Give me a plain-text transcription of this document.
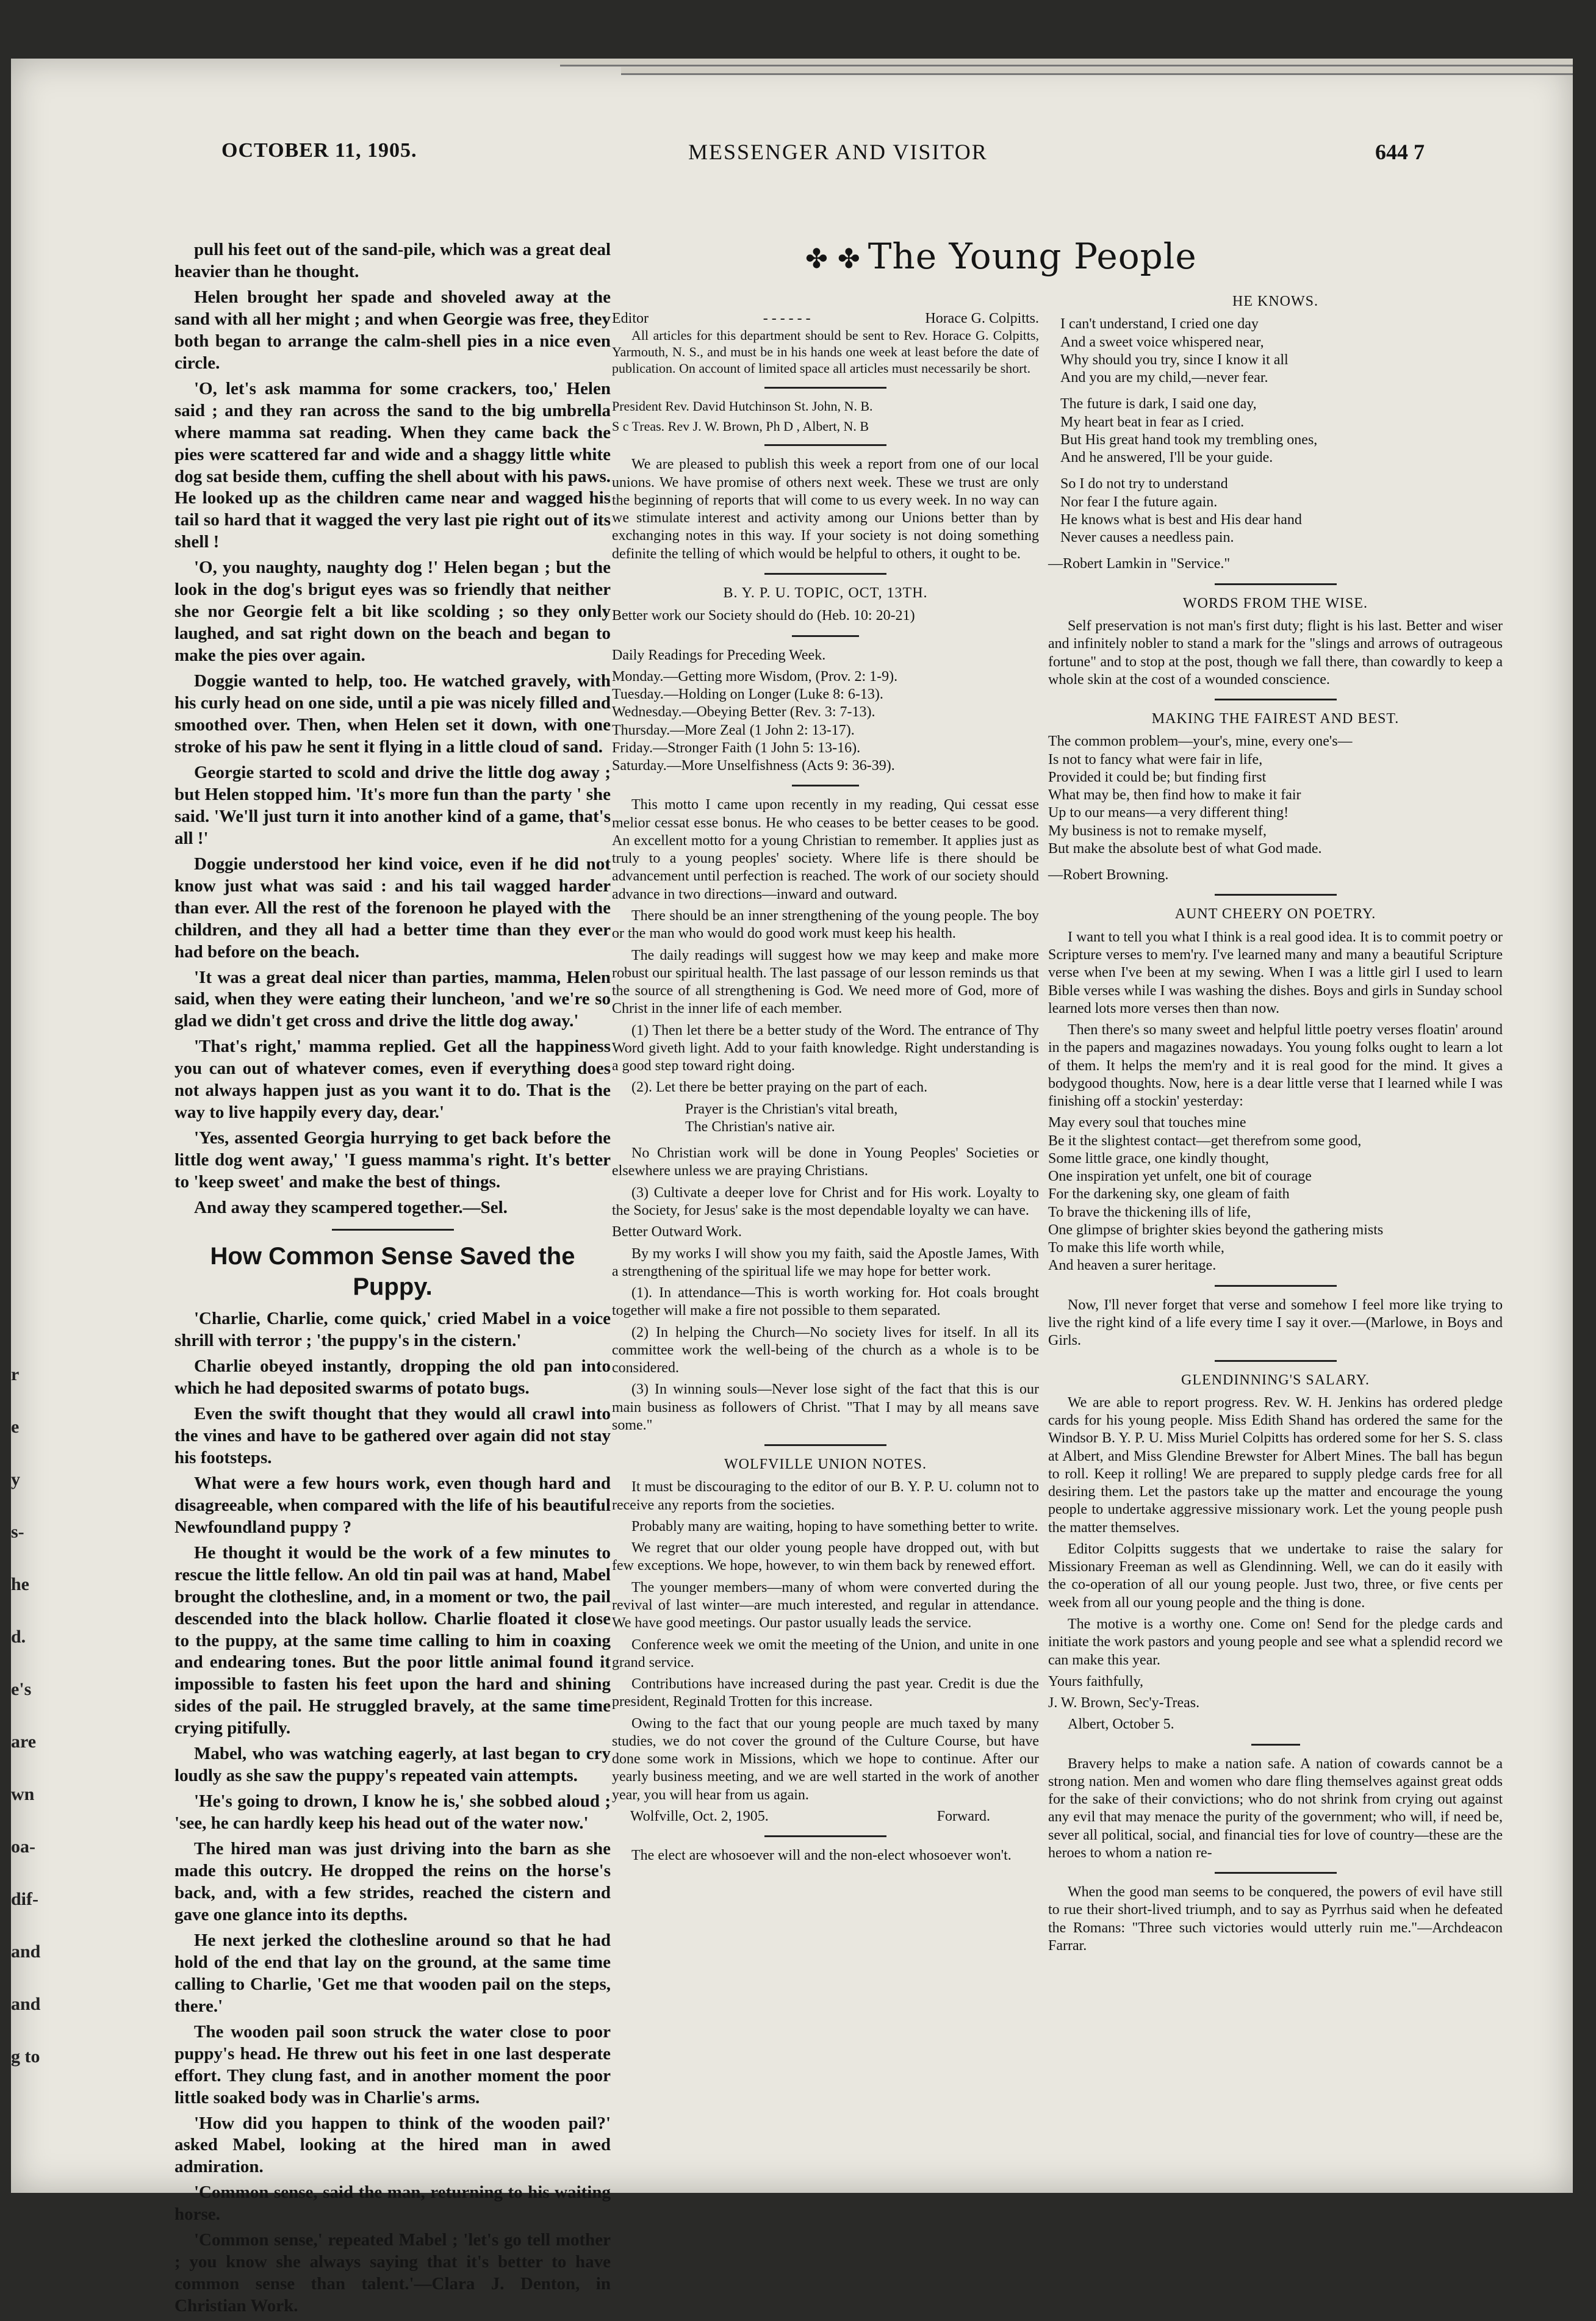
r
e
y
s-
he
d.
e's
are
wn
oa-
dif-
and
and
g to
OCTOBER 11, 1905.	MESSENGER AND VISITOR	644 7

pull his feet out of the sand-pile, which was a great deal heavier than he thought.

Helen brought her spade and shoveled away at the sand with all her might ; and when Georgie was free, they both began to arrange the calm-shell pies in a nice even circle.

'O, let's ask mamma for some crackers, too,' Helen said ; and they ran across the sand to the big umbrella where mamma sat reading. When they came back the pies were scattered far and wide and a shaggy little white dog sat beside them, cuffing the shell about with his paws. He looked up as the children came near and wagged his tail so hard that it wagged the very last pie right out of its shell !

'O, you naughty, naughty dog !' Helen began ; but the look in the dog's brigut eyes was so friendly that neither she nor Georgie felt a bit like scolding ; so they only laughed, and sat right down on the beach and began to make the pies over again.

Doggie wanted to help, too. He watched gravely, with his curly head on one side, until a pie was nicely filled and smoothed over. Then, when Helen set it down, with one stroke of his paw he sent it flying in a little cloud of sand.

Georgie started to scold and drive the little dog away ; but Helen stopped him. 'It's more fun than the party ' she said. 'We'll just turn it into another kind of a game, that's all !'

Doggie understood her kind voice, even if he did not know just what was said : and his tail wagged harder than ever. All the rest of the forenoon he played with the children, and they all had a better time than they ever had before on the beach.

'It was a great deal nicer than parties, mamma, Helen said, when they were eating their luncheon, 'and we're so glad we didn't get cross and drive the little dog away.'

'That's right,' mamma replied. Get all the happiness you can out of whatever comes, even if everything does not always happen just as you want it to do. That is the way to live happily every day, dear.'

'Yes, assented Georgia hurrying to get back before the little dog went away,' 'I guess mamma's right. It's better to 'keep sweet' and make the best of things.

And away they scampered together.—Sel.

How Common Sense Saved the Puppy.

'Charlie, Charlie, come quick,' cried Mabel in a voice shrill with terror ; 'the puppy's in the cistern.'

Charlie obeyed instantly, dropping the old pan into which he had deposited swarms of potato bugs.

Even the swift thought that they would all crawl into the vines and have to be gathered over again did not stay his footsteps.

What were a few hours work, even though hard and disagreeable, when compared with the life of his beautiful Newfoundland puppy ?

He thought it would be the work of a few minutes to rescue the little fellow. An old tin pail was at hand, Mabel brought the clothesline, and, in a moment or two, the pail descended into the black hollow. Charlie floated it close to the puppy, at the same time calling to him in coaxing and endearing tones. But the poor little animal found it impossible to fasten his feet upon the hard and shining sides of the pail. He struggled bravely, at the same time crying pitifully.

Mabel, who was watching eagerly, at last began to cry loudly as she saw the puppy's repeated vain attempts.

'He's going to drown, I know he is,' she sobbed aloud ; 'see, he can hardly keep his head out of the water now.'

The hired man was just driving into the barn as she made this outcry. He dropped the reins on the horse's back, and, with a few strides, reached the cistern and gave one glance into its depths.

He next jerked the clothesline around so that he had hold of the end that lay on the ground, at the same time calling to Charlie, 'Get me that wooden pail on the steps, there.'

The wooden pail soon struck the water close to poor puppy's head. He threw out his feet in one last desperate effort. They clung fast, and in another moment the poor little soaked body was in Charlie's arms.

'How did you happen to think of the wooden pail?' asked Mabel, looking at the hired man in awed admiration.

'Common sense, said the man, returning to his waiting horse.

'Common sense,' repeated Mabel ; 'let's go tell mother ; you know she always saying that it's better to have common sense than talent.'—Clara J. Denton, in Christian Work.

✤ ✤ The Young People
Editor	- - - - - -	Horace G. Colpitts.

All articles for this department should be sent to Rev. Horace G. Colpitts, Yarmouth, N. S., and must be in his hands one week at least before the date of publication. On account of limited space all articles must necessarily be short.

President Rev. David Hutchinson St. John, N. B.

S c Treas. Rev J. W. Brown, Ph D , Albert, N. B

We are pleased to publish this week a report from one of our local unions. We have promise of others next week. These we trust are only the beginning of reports that will come to us every week. In no way can we stimulate interest and activity among our Unions better than by exchanging notes in this way. If your society is not doing something definite the telling of which would be helpful to others, it ought to be.

B. Y. P. U. TOPIC, OCT, 13TH.

Better work our Society should do (Heb. 10: 20-21)

Daily Readings for Preceding Week.

Monday.—Getting more Wisdom, (Prov. 2: 1-9).
Tuesday.—Holding on Longer (Luke 8: 6-13).
Wednesday.—Obeying Better (Rev. 3: 7-13).
Thursday.—More Zeal (1 John 2: 13-17).
Friday.—Stronger Faith (1 John 5: 13-16).
Saturday.—More Unselfishness (Acts 9: 36-39).

This motto I came upon recently in my reading, Qui cessat esse melior cessat esse bonus. He who ceases to be better ceases to be good. An excellent motto for a young Christian to remember. It applies just as truly to a young peoples' society. Where life is there should be advancement until perfection is reached. The work of our society should advance in two directions—inward and outward.

There should be an inner strengthening of the young people. The boy or the man who would do good work must keep his health.

The daily readings will suggest how we may keep and make more robust our spiritual health. The last passage of our lesson reminds us that the source of all strengthening is God. We need more of God, more of Christ in the inner life of each member.

(1) Then let there be a better study of the Word. The entrance of Thy Word giveth light. Add to your faith knowledge. Right understanding is a good step toward right doing.

(2). Let there be better praying on the part of each.

Prayer is the Christian's vital breath,
The Christian's native air.

No Christian work will be done in Young Peoples' Societies or elsewhere unless we are praying Christians.

(3) Cultivate a deeper love for Christ and for His work. Loyalty to the Society, for Jesus' sake is the most dependable loyalty we can have.

Better Outward Work.

By my works I will show you my faith, said the Apostle James, With a strengthening of the spiritual life we may hope for better work.

(1). In attendance—This is worth working for. Hot coals brought together will make a fire not possible to them separated.

(2) In helping the Church—No society lives for itself. In all its committee work the well-being of the church as a whole is to be considered.

(3) In winning souls—Never lose sight of the fact that this is our main business as followers of Christ. "That I may by all means save some."

WOLFVILLE UNION NOTES.

It must be discouraging to the editor of our B. Y. P. U. column not to receive any reports from the societies.

Probably many are waiting, hoping to have something better to write.

We regret that our older young people have dropped out, with but few exceptions. We hope, however, to win them back by renewed effort.

The younger members—many of whom were converted during the revival of last winter—are much interested, and regular in attendance. We have good meetings. Our pastor usually leads the service.

Conference week we omit the meeting of the Union, and unite in one grand service.

Contributions have increased during the past year. Credit is due the president, Reginald Trotten for this increase.

Owing to the fact that our young people are much taxed by many studies, we do not cover the ground of the Culture Course, but have done some work in Missions, which we hope to continue. After our yearly business meeting, and we are well started in the work of another year, you will hear from us again.

Wolfville, Oct. 2, 1905.	Forward.

The elect are whosoever will and the non-elect whosoever won't.

HE KNOWS.

I can't understand, I cried one day
And a sweet voice whispered near,
Why should you try, since I know it all
And you are my child,—never fear.

The future is dark, I said one day,
My heart beat in fear as I cried.
But His great hand took my trembling ones,
And he answered, I'll be your guide.

So I do not try to understand
Nor fear I the future again.
He knows what is best and His dear hand
Never causes a needless pain.

—Robert Lamkin in "Service."

WORDS FROM THE WISE.

Self preservation is not man's first duty; flight is his last. Better and wiser and infinitely nobler to stand a mark for the "slings and arrows of outrageous fortune" and to stop at the post, though we fall there, than cowardly to keep a whole skin at the cost of a wounded conscience.

MAKING THE FAIREST AND BEST.

The common problem—your's, mine, every one's—
Is not to fancy what were fair in life,
Provided it could be; but finding first
What may be, then find how to make it fair
Up to our means—a very different thing!
My business is not to remake myself,
But make the absolute best of what God made.

—Robert Browning.

AUNT CHEERY ON POETRY.

I want to tell you what I think is a real good idea. It is to commit poetry or Scripture verses to mem'ry. I've learned many and many a beautiful Scripture verse when I've been at my sewing. When I was a little girl I used to learn Bible verses while I was washing the dishes. Boys and girls in Sunday school learned lots more verses then than now.

Then there's so many sweet and helpful little poetry verses floatin' around in the papers and magazines nowadays. You young folks ought to learn a lot of them. It helps the mem'ry and it is real good for the mind. It gives a bodygood thoughts. Now, here is a dear little verse that I learned while I was finishing off a stockin' yesterday:

May every soul that touches mine
Be it the slightest contact—get therefrom some good,
Some little grace, one kindly thought,
One inspiration yet unfelt, one bit of courage
For the darkening sky, one gleam of faith
To brave the thickening ills of life,
One glimpse of brighter skies beyond the gathering mists
To make this life worth while,
And heaven a surer heritage.

Now, I'll never forget that verse and somehow I feel more like trying to live the right kind of a life every time I say it over.—(Marlowe, in Boys and Girls.

GLENDINNING'S SALARY.

We are able to report progress. Rev. W. H. Jenkins has ordered pledge cards for his young people. Miss Edith Shand has ordered the same for the Windsor B. Y. P. U. Miss Muriel Colpitts has ordered some for her S. S. class at Albert, and Miss Glendine Brewster for Albert Mines. The ball has begun to roll. Keep it rolling! We are prepared to supply pledge cards free for all desiring them. Let the pastors take up the matter and encourage the young people to undertake aggressive missionary work. Let the young people push the matter themselves.

Editor Colpitts suggests that we undertake to raise the salary for Missionary Freeman as well as Glendinning. Well, we can do it easily with the co-operation of all our young people. Just two, three, or five cents per week from all our young people and the thing is done.

The motive is a worthy one. Come on! Send for the pledge cards and initiate the work pastors and young people and see what a splendid record we can make this year.

Yours faithfully,

J. W. Brown, Sec'y-Treas.

Albert, October 5.

Bravery helps to make a nation safe. A nation of cowards cannot be a strong nation. Men and women who dare fling themselves against great odds for the sake of their convictions; who do not shrink from crying out against any evil that may menace the purity of the government; who will, if need be, sever all political, social, and financial ties for love of country—these are the heroes to whom a nation re-

When the good man seems to be conquered, the powers of evil have still to rue their short-lived triumph, and to say as Pyrrhus said when he defeated the Romans: "Three such victories would utterly ruin me."—Archdeacon Farrar.
